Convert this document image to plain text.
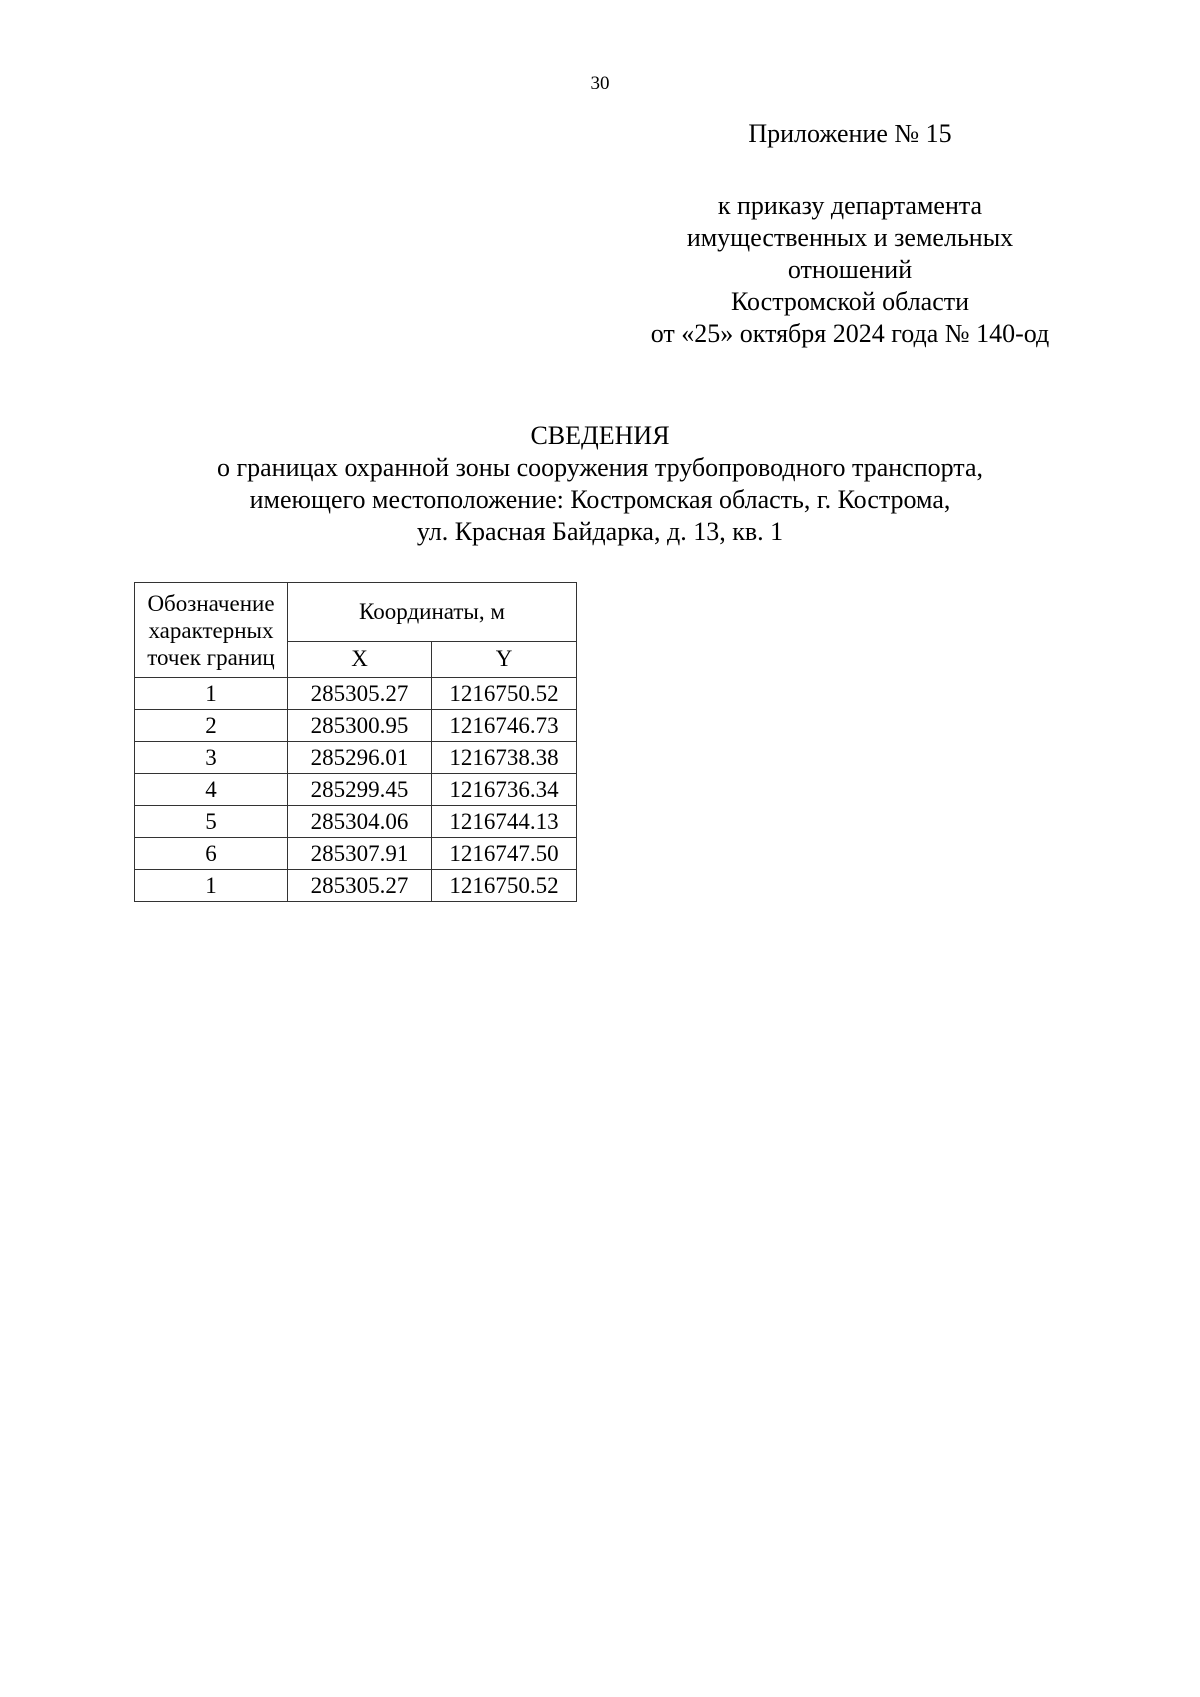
30
Приложение № 15
к приказу департамента
имущественных и земельных
отношений
Костромской области
от «25» октября 2024 года № 140-од
СВЕДЕНИЯ
о границах охранной зоны сооружения трубопроводного транспорта,
имеющего местоположение: Костромская область, г. Кострома,
ул. Красная Байдарка, д. 13, кв. 1
Обозначение характерных точек границ	Координаты, м	
	X	Y
1	285305.27	1216750.52
2	285300.95	1216746.73
3	285296.01	1216738.38
4	285299.45	1216736.34
5	285304.06	1216744.13
6	285307.91	1216747.50
1	285305.27	1216750.52
